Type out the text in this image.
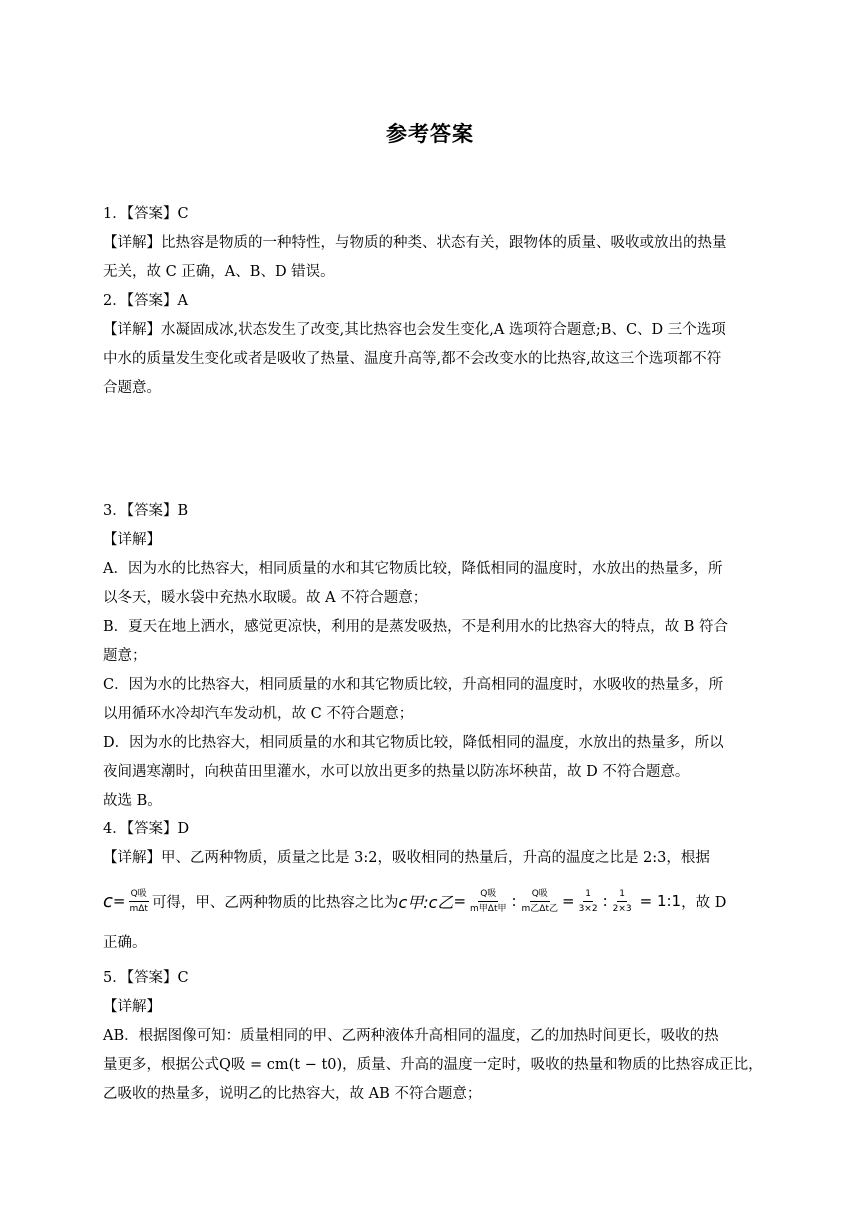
参考答案
1．【答案】C
【详解】比热容是物质的一种特性，与物质的种类、状态有关，跟物体的质量、吸收或放出的热量
无关，故 C 正确，A、B、D 错误。
2．【答案】A
【详解】水凝固成冰,状态发生了改变,其比热容也会发生变化,A 选项符合题意;B、C、D 三个选项
中水的质量发生变化或者是吸收了热量、温度升高等,都不会改变水的比热容,故这三个选项都不符
合题意。
3．【答案】B
【详解】
A．因为水的比热容大，相同质量的水和其它物质比较，降低相同的温度时，水放出的热量多，所
以冬天，暖水袋中充热水取暖。故 A 不符合题意；
B．夏天在地上洒水，感觉更凉快，利用的是蒸发吸热，不是利用水的比热容大的特点，故 B 符合
题意；
C．因为水的比热容大，相同质量的水和其它物质比较，升高相同的温度时，水吸收的热量多，所
以用循环水冷却汽车发动机，故 C 不符合题意；
D．因为水的比热容大，相同质量的水和其它物质比较，降低相同的温度，水放出的热量多，所以
夜间遇寒潮时，向秧苗田里灌水，水可以放出更多的热量以防冻坏秧苗，故 D 不符合题意。
故选 B。
4．【答案】D
【详解】甲、乙两种物质，质量之比是 3:2，吸收相同的热量后，升高的温度之比是 2:3，根据
$c = \frac{\text{Q吸}}{\text{mΔt}}$ 可得，甲、乙两种物质的比热容之比为 c甲:c乙 = $\frac{\text{Q吸}}{\text{m甲Δt甲}}$ : $\frac{\text{Q吸}}{\text{m乙Δt乙}} = \frac{1}{3\times 2}$ : $\frac{1}{2\times 3}$ = 1:1 ，故 D
正确。
5．【答案】C
【详解】
AB．根据图像可知：质量相同的甲、乙两种液体升高相同的温度，乙的加热时间更长，吸收的热
量更多，根据公式Q吸 = cm(t − t0)，质量、升高的温度一定时，吸收的热量和物质的比热容成正比，
乙吸收的热量多，说明乙的比热容大，故 AB 不符合题意；
